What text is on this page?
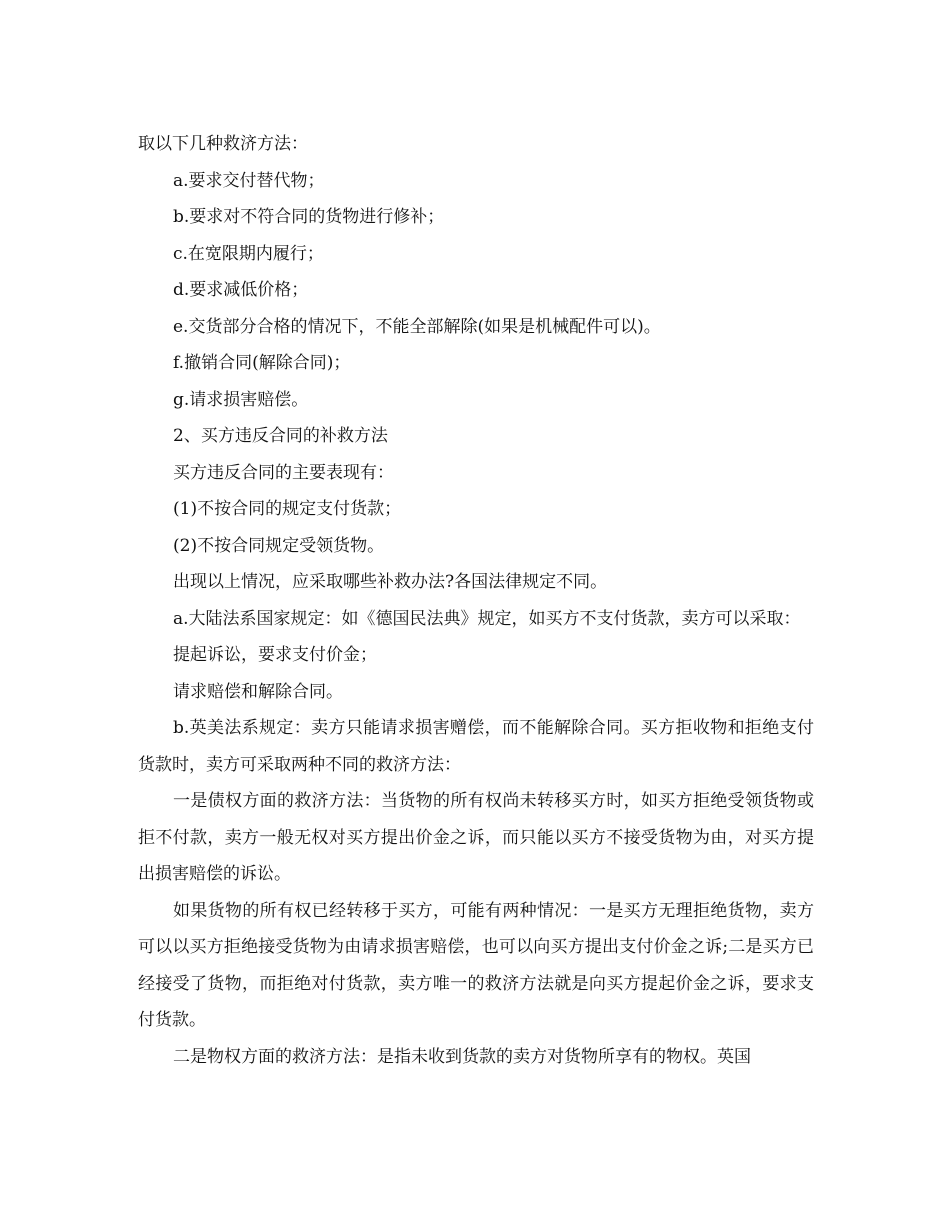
取以下几种救济方法：

a.要求交付替代物；

b.要求对不符合同的货物进行修补；

c.在宽限期内履行；

d.要求减低价格；

e.交货部分合格的情况下，不能全部解除(如果是机械配件可以)。

f.撤销合同(解除合同)；

g.请求损害赔偿。

2、买方违反合同的补救方法

买方违反合同的主要表现有：

(1)不按合同的规定支付货款；

(2)不按合同规定受领货物。

出现以上情况，应采取哪些补救办法?各国法律规定不同。

a.大陆法系国家规定：如《德国民法典》规定，如买方不支付货款，卖方可以采取：

提起诉讼，要求支付价金；

请求赔偿和解除合同。

b.英美法系规定：卖方只能请求损害赠偿，而不能解除合同。买方拒收物和拒绝支付货款时，卖方可采取两种不同的救济方法：

一是债权方面的救济方法：当货物的所有权尚未转移买方时，如买方拒绝受领货物或拒不付款，卖方一般无权对买方提出价金之诉，而只能以买方不接受货物为由，对买方提出损害赔偿的诉讼。

如果货物的所有权已经转移于买方，可能有两种情况：一是买方无理拒绝货物，卖方可以以买方拒绝接受货物为由请求损害赔偿，也可以向买方提出支付价金之诉;二是买方已经接受了货物，而拒绝对付货款，卖方唯一的救济方法就是向买方提起价金之诉，要求支付货款。

二是物权方面的救济方法：是指未收到货款的卖方对货物所享有的物权。英国
